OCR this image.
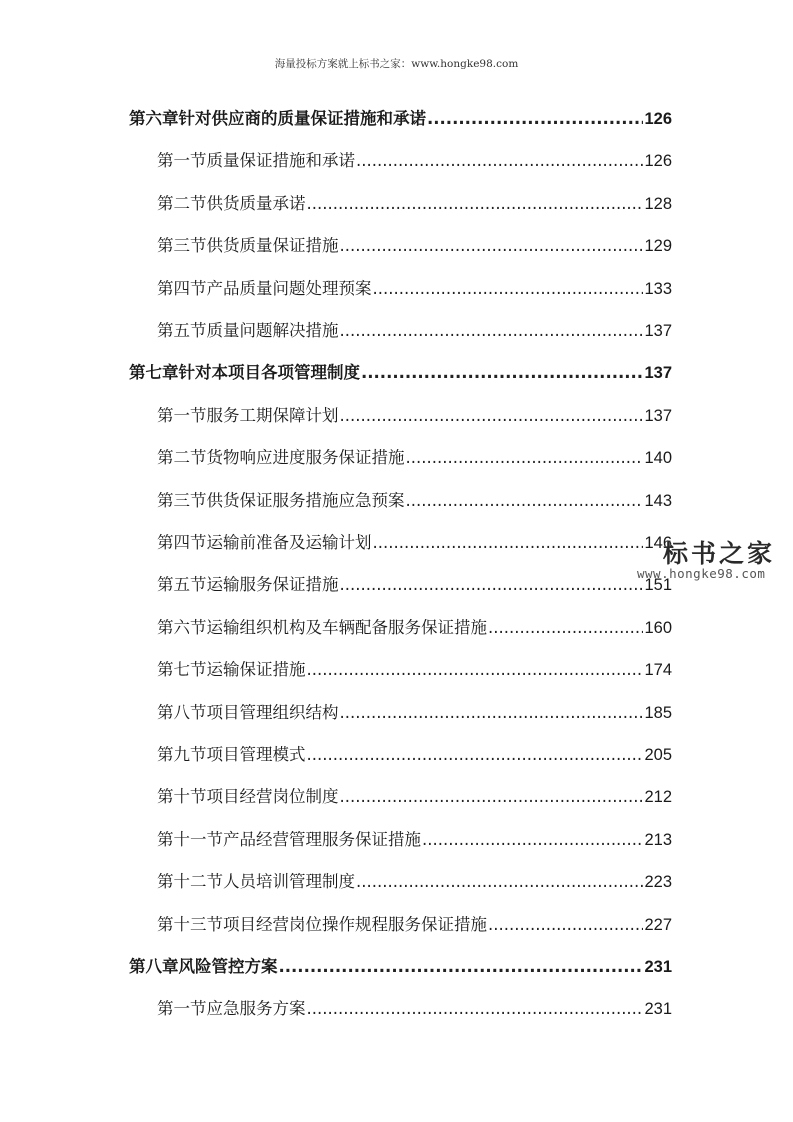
海量投标方案就上标书之家：www.hongke98.com
第六章 针对供应商的质量保证措施和承诺 .....	126
第一节 质量保证措施和承诺 .....	126
第二节 供货质量承诺 .....	128
第三节 供货质量保证措施 .....	129
第四节 产品质量问题处理预案 .....	133
第五节 质量问题解决措施 .....	137
第七章 针对本项目各项管理制度 .....	137
第一节 服务工期保障计划 .....	137
第二节 货物响应进度服务保证措施 .....	140
第三节 供货保证服务措施应急预案 .....	143
第四节 运输前准备及运输计划 .....	146
第五节 运输服务保证措施 .....	151
第六节 运输组织机构及车辆配备服务保证措施 .....	160
第七节 运输保证措施 .....	174
第八节 项目管理组织结构 .....	185
第九节 项目管理模式 .....	205
第十节 项目经营岗位制度 .....	212
第十一节 产品经营管理服务保证措施 .....	213
第十二节 人员培训管理制度 .....	223
第十三节 项目经营岗位操作规程服务保证措施 .....	227
第八章 风险管控方案 .....	231
第一节 应急服务方案 .....	231
标书之家
www.hongke98.com
